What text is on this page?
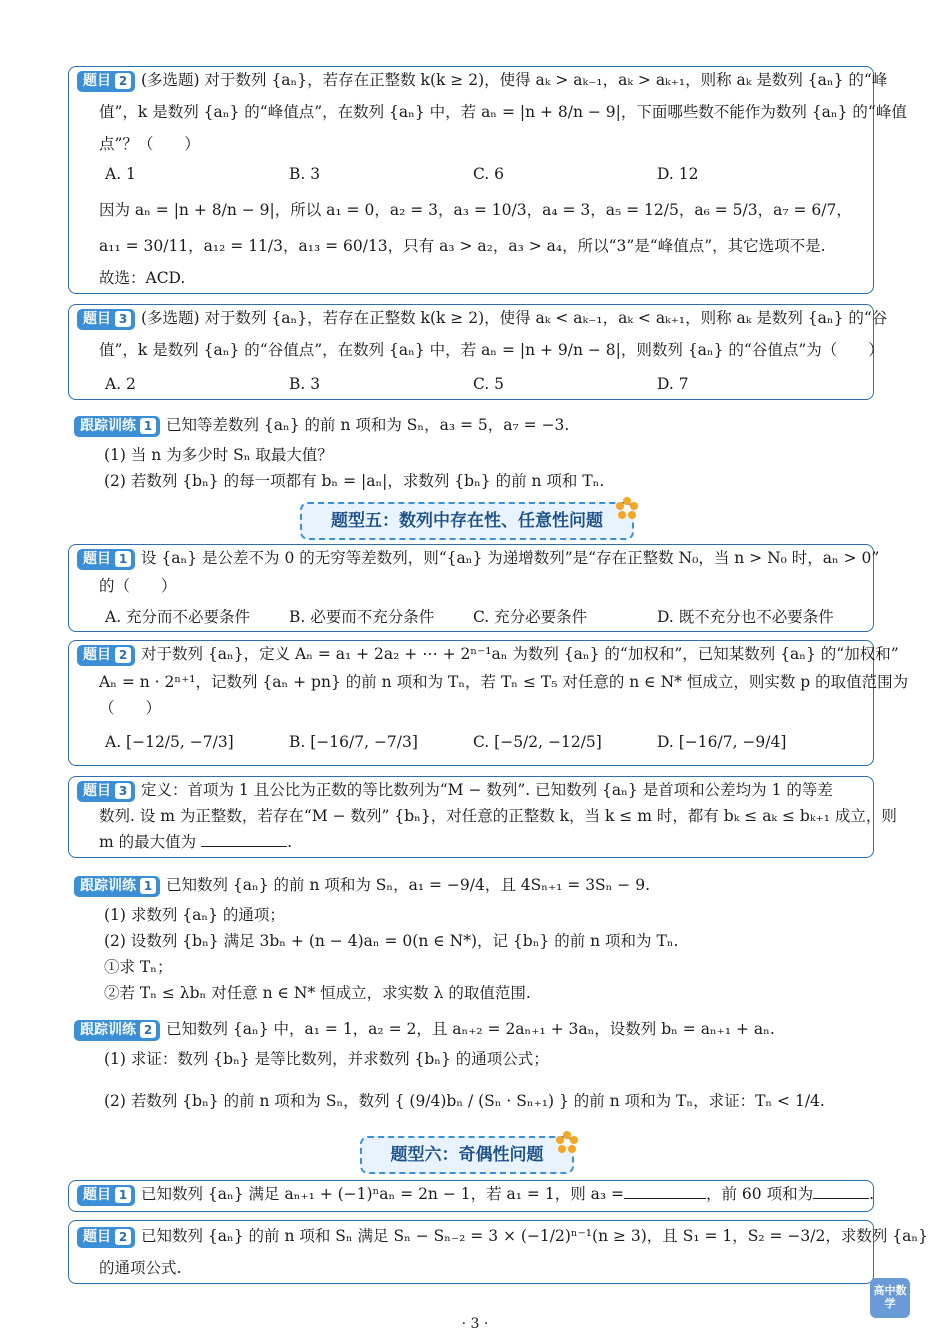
题目 2 (多选题) 对于数列 {aₙ}，若存在正整数 k(k ≥ 2)，使得 aₖ > aₖ₋₁，aₖ > aₖ₊₁，则称 aₖ 是数列 {aₙ} 的“峰
值”，k 是数列 {aₙ} 的“峰值点”，在数列 {aₙ} 中，若 aₙ = |n + 8/n − 9|，下面哪些数不能作为数列 {aₙ} 的“峰值
点”？（　　）
A. 1	B. 3	C. 6	D. 12
因为 aₙ = |n + 8/n − 9|，所以 a₁ = 0，a₂ = 3，a₃ = 10/3，a₄ = 3，a₅ = 12/5，a₆ = 5/3，a₇ = 6/7，
a₁₁ = 30/11，a₁₂ = 11/3，a₁₃ = 60/13，只有 a₃ > a₂，a₃ > a₄，所以“3”是“峰值点”，其它选项不是.
故选：ACD.
题目 3 (多选题) 对于数列 {aₙ}，若存在正整数 k(k ≥ 2)，使得 aₖ < aₖ₋₁，aₖ < aₖ₊₁，则称 aₖ 是数列 {aₙ} 的“谷
值”，k 是数列 {aₙ} 的“谷值点”，在数列 {aₙ} 中，若 aₙ = |n + 9/n − 8|，则数列 {aₙ} 的“谷值点”为（　　）
A. 2	B. 3	C. 5	D. 7
跟踪训练 1 已知等差数列 {aₙ} 的前 n 项和为 Sₙ，a₃ = 5，a₇ = −3.
(1) 当 n 为多少时 Sₙ 取最大值？
(2) 若数列 {bₙ} 的每一项都有 bₙ = |aₙ|，求数列 {bₙ} 的前 n 项和 Tₙ.
题型五：数列中存在性、任意性问题
题目 1 设 {aₙ} 是公差不为 0 的无穷等差数列，则“{aₙ} 为递增数列”是“存在正整数 N₀，当 n > N₀ 时，aₙ > 0”
的（　　）
A. 充分而不必要条件	B. 必要而不充分条件	C. 充分必要条件	D. 既不充分也不必要条件
题目 2 对于数列 {aₙ}，定义 Aₙ = a₁ + 2a₂ + ⋯ + 2ⁿ⁻¹aₙ 为数列 {aₙ} 的“加权和”，已知某数列 {aₙ} 的“加权和”
Aₙ = n · 2ⁿ⁺¹，记数列 {aₙ + pn} 的前 n 项和为 Tₙ，若 Tₙ ≤ T₅ 对任意的 n ∈ N* 恒成立，则实数 p 的取值范围为
（　　）
A. [−12/5, −7/3]	B. [−16/7, −7/3]	C. [−5/2, −12/5]	D. [−16/7, −9/4]
题目 3 定义：首项为 1 且公比为正数的等比数列为“M − 数列”. 已知数列 {aₙ} 是首项和公差均为 1 的等差
数列. 设 m 为正整数，若存在“M − 数列” {bₙ}，对任意的正整数 k，当 k ≤ m 时，都有 bₖ ≤ aₖ ≤ bₖ₊₁ 成立，则
m 的最大值为	.
跟踪训练 1 已知数列 {aₙ} 的前 n 项和为 Sₙ，a₁ = −9/4，且 4Sₙ₊₁ = 3Sₙ − 9.
(1) 求数列 {aₙ} 的通项；
(2) 设数列 {bₙ} 满足 3bₙ + (n − 4)aₙ = 0(n ∈ N*)，记 {bₙ} 的前 n 项和为 Tₙ.
①求 Tₙ；
②若 Tₙ ≤ λbₙ 对任意 n ∈ N* 恒成立，求实数 λ 的取值范围.
跟踪训练 2 已知数列 {aₙ} 中，a₁ = 1，a₂ = 2，且 aₙ₊₂ = 2aₙ₊₁ + 3aₙ，设数列 bₙ = aₙ₊₁ + aₙ.
(1) 求证：数列 {bₙ} 是等比数列，并求数列 {bₙ} 的通项公式；
(2) 若数列 {bₙ} 的前 n 项和为 Sₙ，数列 { (9/4)bₙ / (Sₙ · Sₙ₊₁) } 的前 n 项和为 Tₙ，求证：Tₙ < 1/4.
题型六：奇偶性问题
题目 1 已知数列 {aₙ} 满足 aₙ₊₁ + (−1)ⁿaₙ = 2n − 1，若 a₁ = 1，则 a₃ =	，前 60 项和为	.
题目 2 已知数列 {aₙ} 的前 n 项和 Sₙ 满足 Sₙ − Sₙ₋₂ = 3 × (−1/2)ⁿ⁻¹(n ≥ 3)，且 S₁ = 1，S₂ = −3/2，求数列 {aₙ}
的通项公式.
高中数学
· 3 ·
